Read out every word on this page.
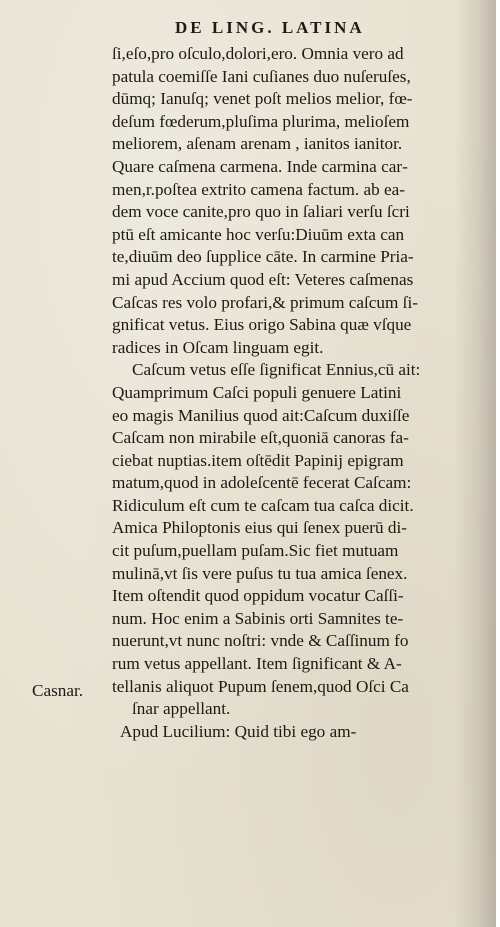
DE LING. LATINA
Casnar.
ſi,eſo,pro oſculo,dolori,ero. Omnia vero ad
patula coemiſſe Iani cuſianes duo nuſeruſes,
dūmq; Ianuſq; venet poſt melios melior, fœ‑
deſum fœderum,pluſima plurima, melioſem
meliorem, aſenam arenam , ianitos ianitor.
Quare caſmena carmena. Inde carmina car‑
men,r.poſtea extrito camena factum. ab ea‑
dem voce canite,pro quo in ſaliari verſu ſcri
ptū eſt amicante hoc verſu:Diuūm exta can
te,diuūm deo ſupplice cāte. In carmine Pria‑
mi apud Accium quod eſt: Veteres caſmenas
Caſcas res volo profari,& primum caſcum ſi‑
gnificat vetus. Eius origo Sabina quæ vſque
radices in Oſcam linguam egit.
Caſcum vetus eſſe ſignificat Ennius,cū ait:
Quamprimum Caſci populi genuere Latini
eo magis Manilius quod ait:Caſcum duxiſſe
Caſcam non mirabile eſt,quoniā canoras fa‑
ciebat nuptias.item oſtēdit Papinij epigram
matum,quod in adoleſcentē fecerat Caſcam:
Ridiculum eſt cum te caſcam tua caſca dicit.
Amica Philoptonis eius qui ſenex puerū di‑
cit puſum,puellam puſam.Sic fiet mutuam
mulinā,vt ſis vere puſus tu tua amica ſenex.
Item oſtendit quod oppidum vocatur Caſſi‑
num. Hoc enim a Sabinis orti Samnites te‑
nuerunt,vt nunc noſtri: vnde & Caſſinum fo
rum vetus appellant. Item ſignificant & A‑
tellanis aliquot Pupum ſenem,quod Oſci Ca
ſnar appellant.
Apud Lucilium: Quid tibi ego am‑
